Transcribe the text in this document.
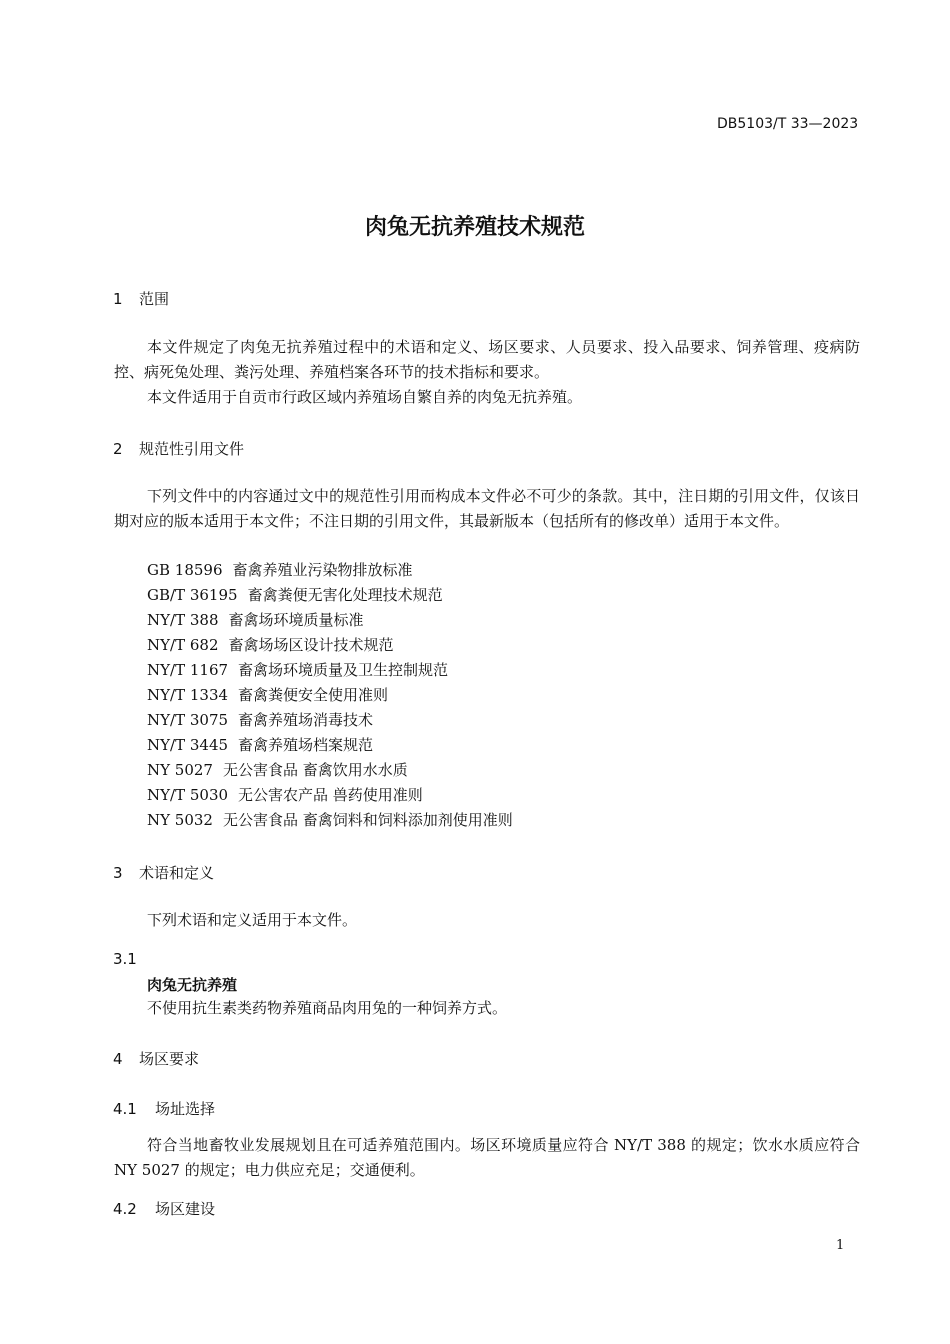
DB5103/T 33—2023
肉兔无抗养殖技术规范
1 范围
本文件规定了肉兔无抗养殖过程中的术语和定义、场区要求、人员要求、投入品要求、饲养管理、疫病防控、病死兔处理、粪污处理、养殖档案各环节的技术指标和要求。
本文件适用于自贡市行政区域内养殖场自繁自养的肉兔无抗养殖。
2 规范性引用文件
下列文件中的内容通过文中的规范性引用而构成本文件必不可少的条款。其中，注日期的引用文件，仅该日期对应的版本适用于本文件；不注日期的引用文件，其最新版本（包括所有的修改单）适用于本文件。
GB 18596 畜禽养殖业污染物排放标准
GB/T 36195 畜禽粪便无害化处理技术规范
NY/T 388 畜禽场环境质量标准
NY/T 682 畜禽场场区设计技术规范
NY/T 1167 畜禽场环境质量及卫生控制规范
NY/T 1334 畜禽粪便安全使用准则
NY/T 3075 畜禽养殖场消毒技术
NY/T 3445 畜禽养殖场档案规范
NY 5027 无公害食品 畜禽饮用水水质
NY/T 5030 无公害农产品 兽药使用准则
NY 5032 无公害食品 畜禽饲料和饲料添加剂使用准则
3 术语和定义
下列术语和定义适用于本文件。
3.1
肉兔无抗养殖
不使用抗生素类药物养殖商品肉用兔的一种饲养方式。
4 场区要求
4.1 场址选择
符合当地畜牧业发展规划且在可适养殖范围内。场区环境质量应符合 NY/T 388 的规定；饮水水质应符合 NY 5027 的规定；电力供应充足；交通便利。
4.2 场区建设
1
